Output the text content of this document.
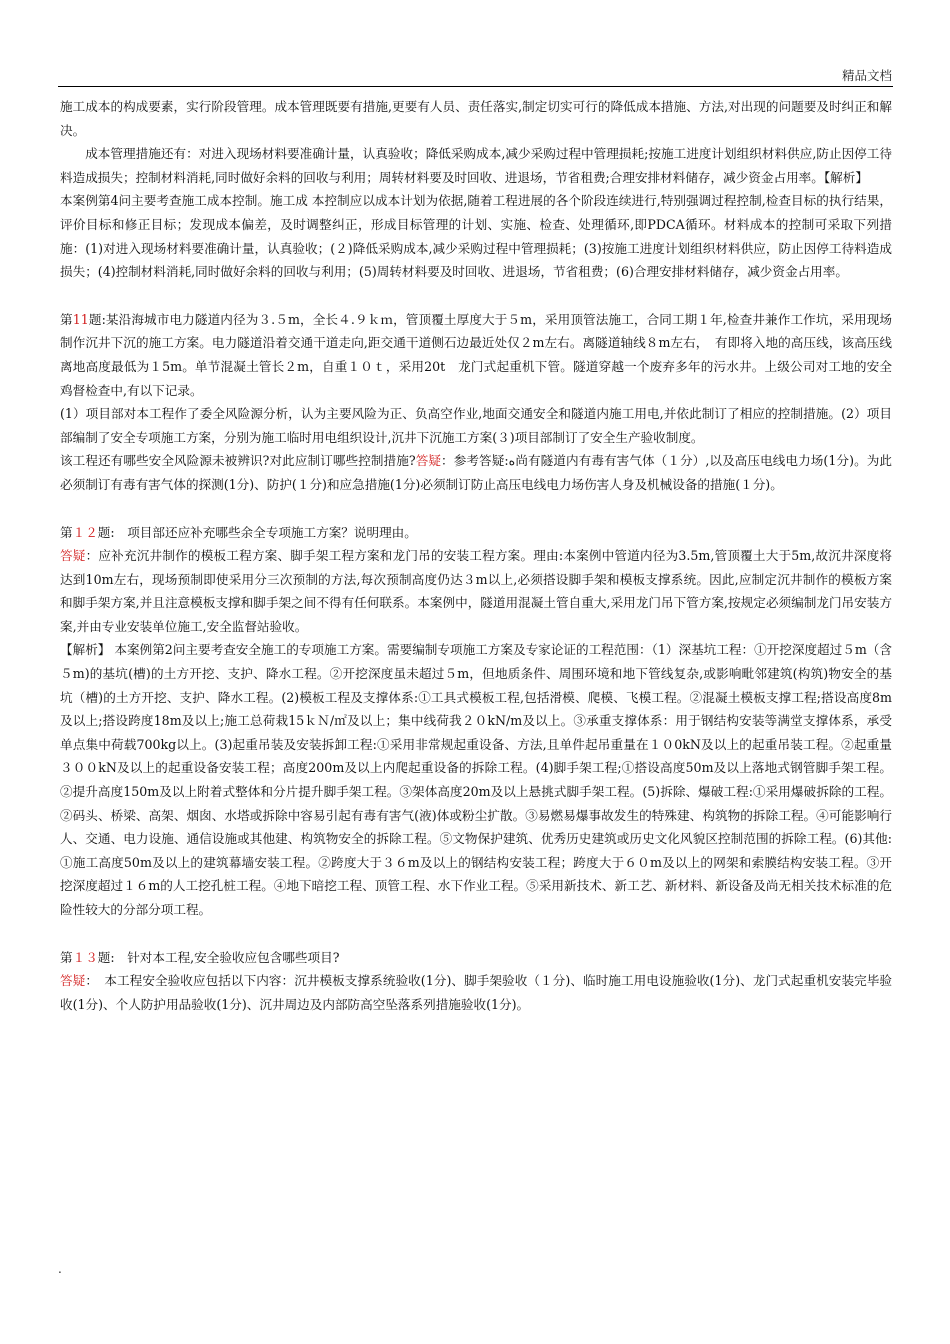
精品文档

施工成本的构成要素，实行阶段管理。成本管理既要有措施,更要有人员、责任落实,制定切实可行的降低成本措施、方法,对出现的问题要及时纠正和解决。

成本管理措施还有：对进入现场材料要准确计量，认真验收；降低采购成本,减少采购过程中管理损耗;按施工进度计划组织材料供应,防止因停工待料造成损失；控制材料消耗,同时做好余料的回收与利用；周转材料要及时回收、进退场，节省租费;合理安排材料储存，减少资金占用率。【解析】

本案例第4问主要考查施工成本控制。施工成 本控制应以成本计划为依据,随着工程进展的各个阶段连续进行,特别强调过程控制,检查目标的执行结果，评价目标和修正目标；发现成本偏差，及时调整纠正，形成目标管理的计划、实施、检查、处理循环,即PDCA循环。材料成本的控制可采取下列措施：(1)对进入现场材料要准确计量，认真验收；(２)降低采购成本,减少采购过程中管理损耗；(3)按施工进度计划组织材料供应，防止因停工待料造成损失；(4)控制材料消耗,同时做好余料的回收与利用；(5)周转材料要及时回收、进退场，节省租费；(6)合理安排材料储存，减少资金占用率。

第11题:某沿海城市电力隧道内径为３.５m，全长４.９ｋｍ，管顶覆土厚度大于５m，采用顶管法施工，合同工期１年,检查井兼作工作坑，采用现场制作沉井下沉的施工方案。电力隧道沿着交通干道走向,距交通干道侧石边最近处仅２m左右。离隧道轴线８m左右，　有即将入地的高压线，该高压线离地高度最低为１5m。单节混凝土管长２m，自重１０ｔ，采用20t　龙门式起重机下管。隧道穿越一个废弃多年的污水井。上级公司对工地的安全鸡督检查中,有以下记录。

(1）项目部对本工程作了委全风险源分析，认为主要风险为正、负高空作业,地面交通安全和隧道内施工用电,并依此制订了相应的控制措施。(2）项目部编制了安全专项施工方案，分别为施工临时用电组织设计,沉井下沉施工方案(３)项目部制订了安全生产验收制度。

该工程还有哪些安全风险源未被辨识?对此应制订哪些控制措施?答疑：参考答疑:ه尚有隧道内有毒有害气体（１分）,以及高压电线电力场(1分)。为此必须制订有毒有害气体的探测(1分)、防护(１分)和应急措施(1分)必须制订防止高压电线电力场伤害人身及机械设备的措施(１分)。

第１２题:　项目部还应补充哪些余全专项施工方案？说明理由。

答疑：应补充沉井制作的模板工程方案、脚手架工程方案和龙门吊的安装工程方案。理由:本案例中管道内径为3.5m,管顶覆土大于5m,故沉井深度将达到10m左右，现场预制即使采用分三次预制的方法,每次预制高度仍达３m以上,必须搭设脚手架和模板支撑系统。因此,应制定沉井制作的模板方案和脚手架方案,并且注意模板支撑和脚手架之间不得有任何联系。本案例中，隧道用混凝土管自重大,采用龙门吊下管方案,按规定必须编制龙门吊安装方案,并由专业安装单位施工,安全监督站验收。

【解析】 本案例第2问主要考查安全施工的专项施工方案。需要编制专项施工方案及专家论证的工程范围：（1）深基坑工程：①开挖深度超过５m（含５m)的基坑(槽)的土方开挖、支护、降水工程。②开挖深度虽未超过５m，但地质条件、周围环境和地下管线复杂,或影响毗邻建筑(构筑)物安全的基坑（槽)的土方开挖、支护、降水工程。(2)模板工程及支撑体系:①工具式模板工程,包括滑模、爬模、飞模工程。②混凝土模板支撑工程;搭设高度8m及以上;搭设跨度18m及以上;施工总荷栽15ｋＮ/㎡及以上；集中线荷我２０kN/m及以上。③承重支撑体系：用于钢结构安装等满堂支撑体系，承受单点集中荷载700kg以上。(3)起重吊装及安装拆卸工程:①采用非常规起重设备、方法,且单件起吊重量在１０0kN及以上的起重吊装工程。②起重量３００kN及以上的起重设备安装工程；高度200m及以上内爬起重设备的拆除工程。(4)脚手架工程;①搭设高度50m及以上落地式钢管脚手架工程。②提升高度150m及以上附着式整体和分片提升脚手架工程。③架体高度20m及以上悬挑式脚手架工程。(5)拆除、爆破工程:①采用爆破拆除的工程。②码头、桥梁、高架、烟囱、水塔或拆除中容易引起有毒有害气(液)体或粉尘扩散。③易燃易爆事故发生的特殊建、构筑物的拆除工程。④可能影响行人、交通、电力设施、通信设施或其他建、构筑物安全的拆除工程。⑤文物保护建筑、优秀历史建筑或历史文化风貌区控制范围的拆除工程。(6)其他:①施工高度50m及以上的建筑幕墙安装工程。②跨度大于３６m及以上的钢结构安装工程；跨度大于６０m及以上的网架和索膜结构安装工程。③开挖深度超过１６m的人工挖孔桩工程。④地下暗挖工程、顶管工程、水下作业工程。⑤采用新技术、新工艺、新材料、新设备及尚无相关技术标准的危险性较大的分部分项工程。

第１３题:　针对本工程,安全验收应包含哪些项目?

答疑：　本工程安全验收应包括以下内容：沉井模板支撑系统验收(1分)、脚手架验收（１分)、临时施工用电设施验收(1分)、龙门式起重机安装完毕验收(1分)、个人防护用品验收(1分)、沉井周边及内部防高空坠落系列措施验收(1分)。

.
